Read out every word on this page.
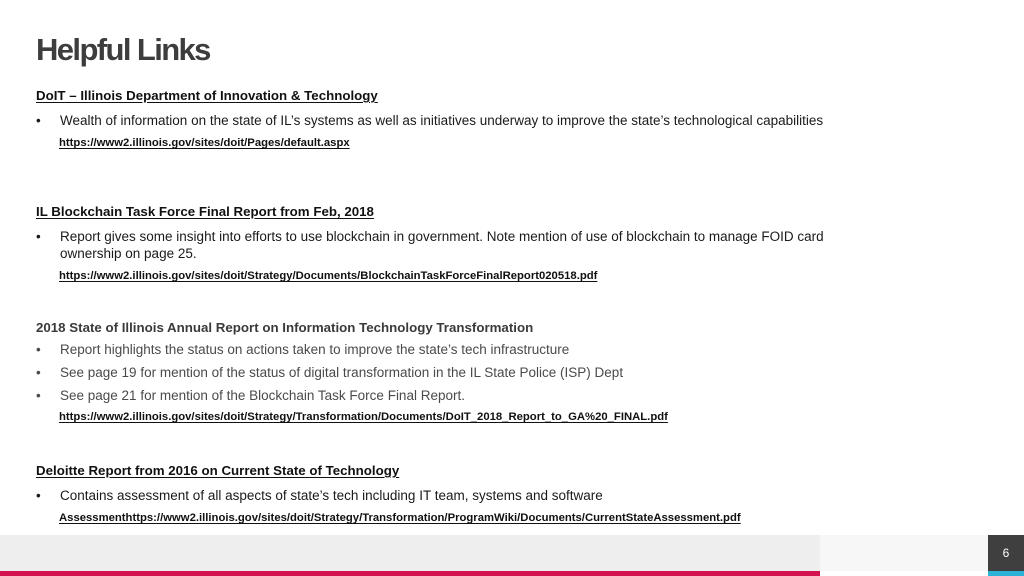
Helpful Links
DoIT – Illinois Department of Innovation & Technology
• Wealth of information on the state of IL’s systems as well as initiatives underway to improve the state’s technological capabilities
https://www2.illinois.gov/sites/doit/Pages/default.aspx
IL Blockchain Task Force Final Report from Feb, 2018
• Report gives some insight into efforts to use blockchain in government. Note mention of use of blockchain to manage FOID card ownership on page 25.
https://www2.illinois.gov/sites/doit/Strategy/Documents/BlockchainTaskForceFinalReport020518.pdf
2018 State of Illinois Annual Report on Information Technology Transformation
• Report highlights the status on actions taken to improve the state’s tech infrastructure
• See page 19 for mention of the status of digital transformation in the IL State Police (ISP) Dept
• See page 21 for mention of the Blockchain Task Force Final Report.
https://www2.illinois.gov/sites/doit/Strategy/Transformation/Documents/DoIT_2018_Report_to_GA%20_FINAL.pdf
Deloitte Report from 2016 on Current State of Technology
• Contains assessment of all aspects of state’s tech including IT team, systems and software
Assessmenthttps://www2.illinois.gov/sites/doit/Strategy/Transformation/ProgramWiki/Documents/CurrentStateAssessment.pdf
6
